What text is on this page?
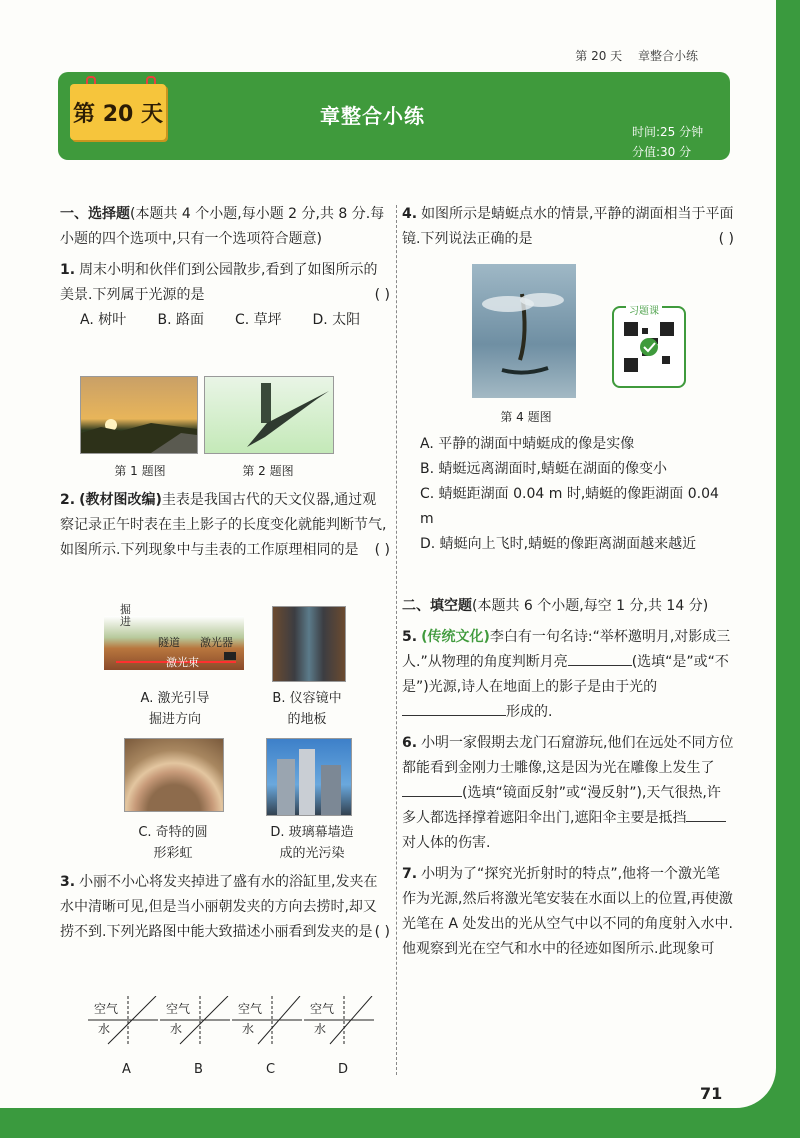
第 20 天 章整合小练
第 20 天	章整合小练
时间:25 分钟
分值:30 分

一、选择题(本题共 4 个小题,每小题 2 分,共 8 分.每小题的四个选项中,只有一个选项符合题意)

1. 周末小明和伙伴们到公园散步,看到了如图所示的美景.下列属于光源的是	( )

A. 树叶	B. 路面	C. 草坪	D. 太阳
第 1 题图	第 2 题图

2. (教材图改编)圭表是我国古代的天文仪器,通过观察记录正午时表在圭上影子的长度变化就能判断节气,如图所示.下列现象中与圭表的工作原理相同的是 ( )

掘进
隧道 激光器
激光束
A. 激光引导
掘进方向
B. 仪容镜中
的地板
C. 奇特的圆
形彩虹
D. 玻璃幕墙造
成的光污染

3. 小丽不小心将发夹掉进了盛有水的浴缸里,发夹在水中清晰可见,但是当小丽朝发夹的方向去捞时,却又捞不到.下列光路图中能大致描述小丽看到发夹的是 ( )

空气
水
空气
水
空气
水
空气
水
A	B	C	D

4. 如图所示是蜻蜓点水的情景,平静的湖面相当于平面镜.下列说法正确的是	( )

习题课
第 4 题图

A. 平静的湖面中蜻蜓成的像是实像

B. 蜻蜓远离湖面时,蜻蜓在湖面的像变小

C. 蜻蜓距湖面 0.04 m 时,蜻蜓的像距湖面 0.04 m

D. 蜻蜓向上飞时,蜻蜓的像距离湖面越来越近

二、填空题(本题共 6 个小题,每空 1 分,共 14 分)

5. (传统文化)李白有一句名诗:“举杯邀明月,对影成三人.”从物理的角度判断月亮	(选填“是”或“不是”)光源,诗人在地面上的影子是由于光的形成的.

6. 小明一家假期去龙门石窟游玩,他们在远处不同方位都能看到金刚力士雕像,这是因为光在雕像上发生了(选填“镜面反射”或“漫反射”),天气很热,许多人都选择撑着遮阳伞出门,遮阳伞主要是抵挡对人体的伤害.

7. 小明为了“探究光折射时的特点”,他将一个激光笔作为光源,然后将激光笔安装在水面以上的位置,再使激光笔在 A 处发出的光从空气中以不同的角度射入水中.他观察到光在空气和水中的径迹如图所示.此现象可

71
